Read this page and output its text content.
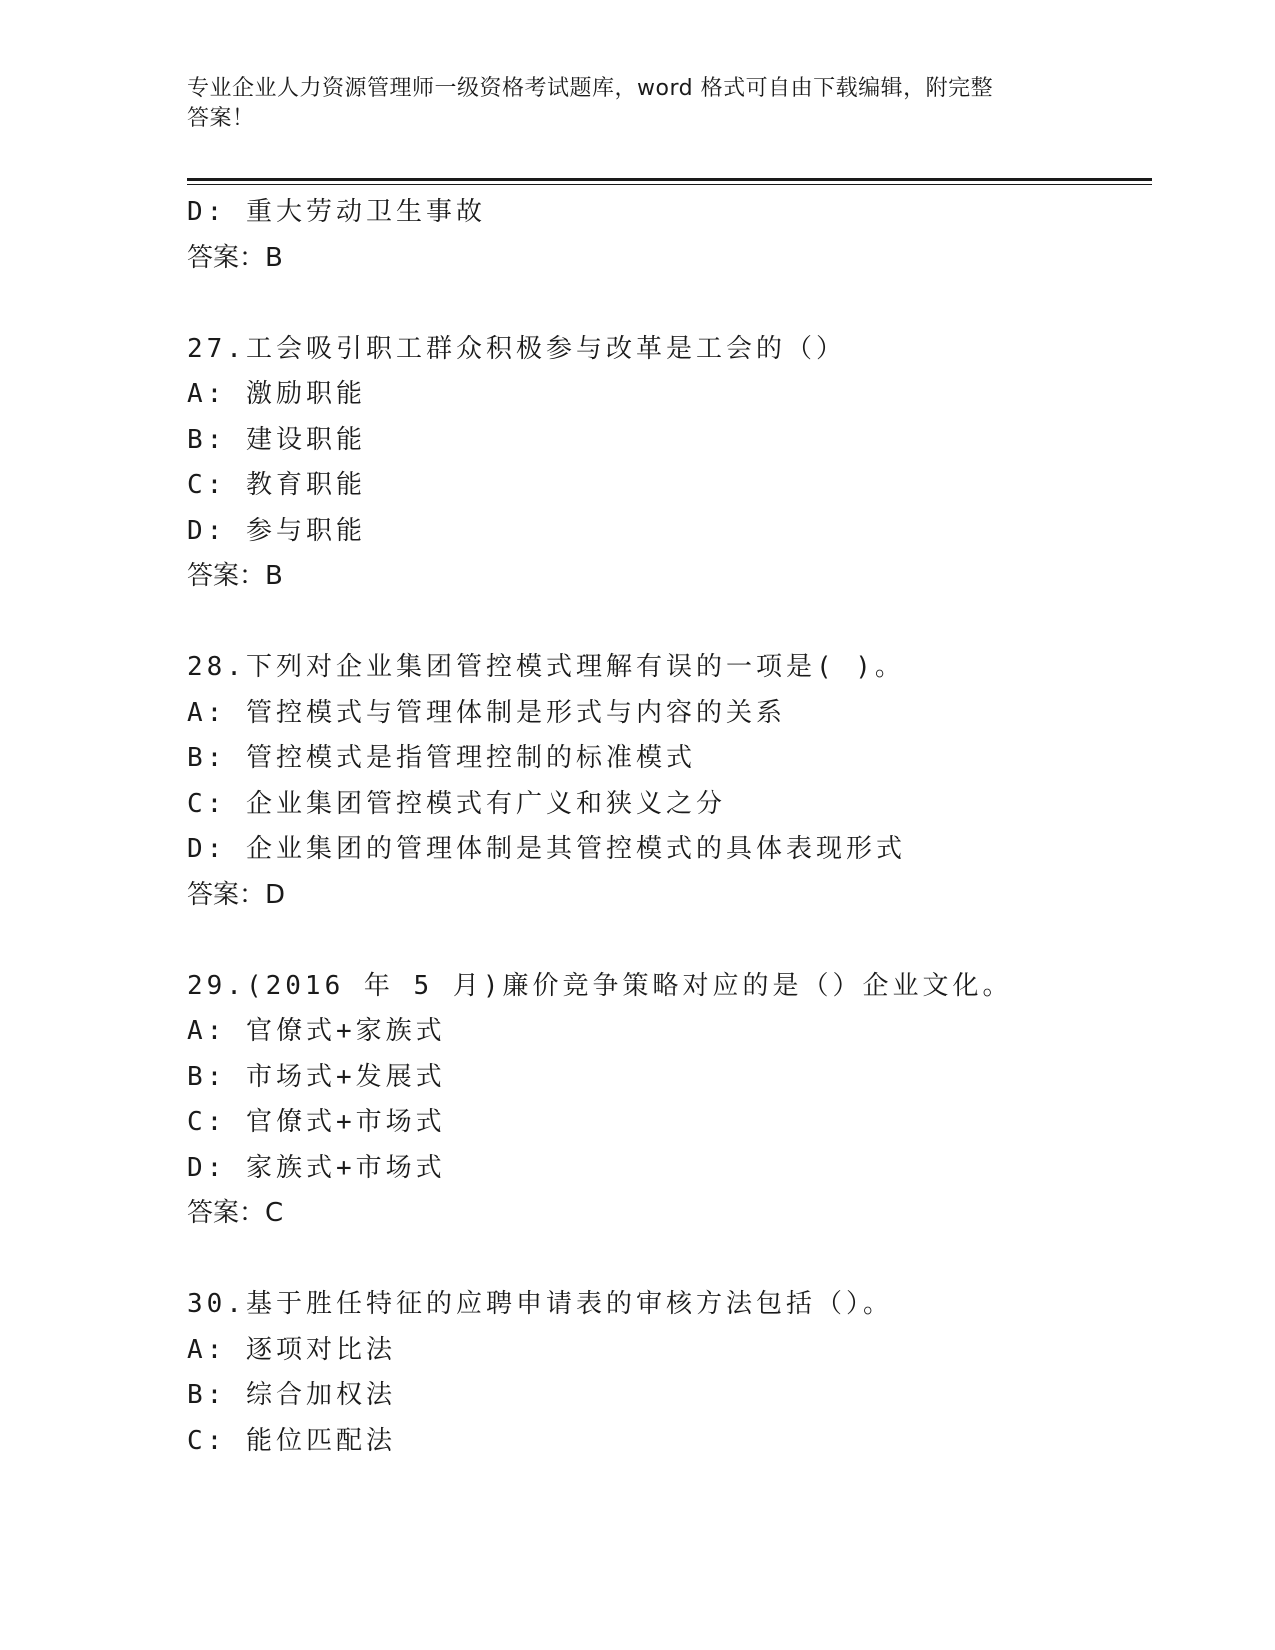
专业企业人力资源管理师一级资格考试题库，word 格式可自由下载编辑，附完整
答案！
D: 重大劳动卫生事故
答案：B
27.工会吸引职工群众积极参与改革是工会的（）
A: 激励职能
B: 建设职能
C: 教育职能
D: 参与职能
答案：B
28.下列对企业集团管控模式理解有误的一项是( )。
A: 管控模式与管理体制是形式与内容的关系
B: 管控模式是指管理控制的标准模式
C: 企业集团管控模式有广义和狭义之分
D: 企业集团的管理体制是其管控模式的具体表现形式
答案：D
29.(2016 年 5 月)廉价竞争策略对应的是（）企业文化。
A: 官僚式+家族式
B: 市场式+发展式
C: 官僚式+市场式
D: 家族式+市场式
答案：C
30.基于胜任特征的应聘申请表的审核方法包括（）。
A: 逐项对比法
B: 综合加权法
C: 能位匹配法
